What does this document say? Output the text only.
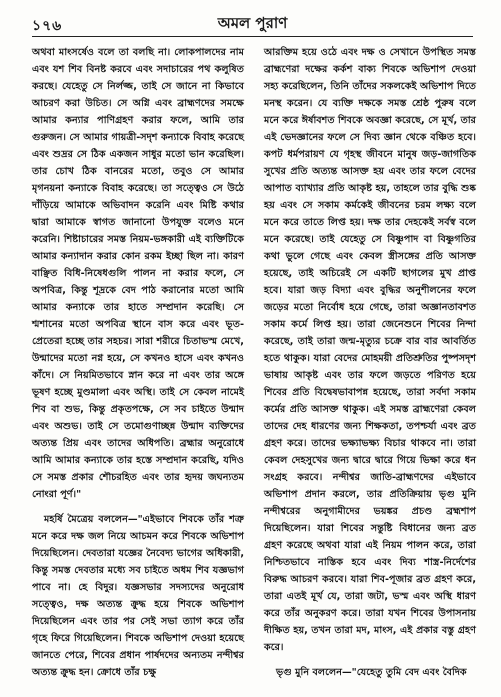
১৭৬	অমল পুরাণ

অথবা মাংসর্ষেও বলে তা বলছি না। লোকপালদের নাম এবং যশ শিব বিনষ্ট করবে এবং সদাচারের পথ কলুষিত করছে। যেহেতু সে নির্লজ্জ, তাই সে জানে না কিভাবে আচরণ করা উচিত। সে অগ্নি এবং ব্রাহ্মণদের সমক্ষে আমার কন্যার পাণিগ্রহণ করার ফলে, আমি তার গুরুজন। সে আমার গায়ত্রী-সদৃশ কন্যাকে বিবাহ করেছে এবং শুদ্রর সে ঠিক একজন সাধুর মতো ভান করেছিল। তার চোখ ঠিক বানরের মতো, তবুও সে আমার মৃগনয়না কন্যাকে বিবাহ করেছে। তা সত্ত্বেও সে উঠে দাঁড়িয়ে আমাকে অভিবাদন করেনি এবং মিষ্টি কথার দ্বারা আমাকে স্বাগত জানানো উপযুক্ত বলেও মনে করেনি। শিষ্টাচারের সমস্ত নিয়ম-ভঙ্গকারী এই ব্যক্তিটিকে আমার কন্যাদান করার কোন রকম ইচ্ছা ছিল না। কারণ বাঞ্ছিত বিধি-নিষেধগুলি পালন না করার ফলে, সে অপবিত্র, কিন্তু শূদ্রকে বেদ পাঠ করানোর মতো আমি আমার কন্যাকে তার হাতে সম্প্রদান করেছি। সে শ্মশানের মতো অপবিত্র স্থানে বাস করে এবং ভূত-প্রেতেরা হচ্ছে তার সহচর। সারা শরীরে চিতাভস্ম মেখে, উন্মাদের মতো নগ্ন হয়ে, সে কখনও হাসে এবং কখনও কাঁদে। সে নিয়মিতভাবে স্নান করে না এবং তার অঙ্গে ভূষণ হচ্ছে মুণ্ডমালা এবং অস্থি। তাই সে কেবল নামেই শিব বা শুভ, কিন্তু প্রকৃতপক্ষে, সে সব চাইতে উন্মাদ এবং অশুভ। তাই সে তমোগুণাচ্ছন্ন উন্মাদ ব্যক্তিদের অত্যন্ত প্রিয় এবং তাদের অধিপতি। ব্রহ্মার অনুরোধে আমি আমার কন্যাকে তার হস্তে সম্প্রদান করেছি, যদিও সে সমস্ত প্রকার শৌচরহিত এবং তার হৃদয় জঘন্যতম নোংরা পূর্ণ।"

মহর্ষি মৈত্রেয় বললেন—"এইভাবে শিবকে তাঁর শত্রু মনে করে দক্ষ জল নিয়ে আচমন করে শিবকে অভিশাপ দিয়েছিলেন। দেবতারা যজ্ঞের নৈবেদ্য ভাগের অধিকারী, কিন্তু সমস্ত দেবতার মধ্যে সব চাইতে অধম শিব যজ্ঞভাগ পাবে না। হে বিদুর। যজ্ঞসভার সদস্যদের অনুরোধ সত্ত্বেও, দক্ষ অত্যন্ত ক্রুদ্ধ হয়ে শিবকে অভিশাপ দিয়েছিলেন এবং তার পর সেই সভা ত্যাগ করে তাঁর গৃহে ফিরে গিয়েছিলেন। শিবকে অভিশাপ দেওয়া হয়েছে জানতে পেরে, শিবের প্রধান পার্ষদদের অন্যতম নন্দীশ্বর অত্যন্ত ক্রুদ্ধ হন। ক্রোধে তাঁর চক্ষু

আরক্তিম হয়ে ওঠে এবং দক্ষ ও সেখানে উপস্থিত সমস্ত ব্রাহ্মণেরা দক্ষের কর্কশ বাক্য শিবকে অভিশাপ দেওয়া সহ্য করেছিলেন, তিনি তাঁদের সকলকেই অভিশাপ দিতে মনস্থ করেন। যে ব্যক্তি দক্ষকে সমস্ত শ্রেষ্ঠ পুরুষ বলে মনে করে ঈর্ষাবশত শিবকে অবজ্ঞা করেছে, সে মূর্খ, তার এই ভেদজ্ঞানের ফলে সে দিব্য জ্ঞান থেকে বঞ্চিত হবে। কপট ধর্মপরায়ণ যে গৃহস্থ জীবনে মানুষ জড়-জাগতিক সুখের প্রতি অত্যন্ত আসক্ত হয় এবং তার ফলে বেদের আপাত ব্যাখ্যার প্রতি আকৃষ্ট হয়, তাহলে তার বুদ্ধি শুষ্ক হয় এবং সে সকাম কর্মকেই জীবনের চরম লক্ষ্য বলে মনে করে তাতে লিপ্ত হয়। দক্ষ তার দেহকেই সর্বস্ব বলে মনে করেছে। তাই যেহেতু সে বিষ্ণুপাদ বা বিষ্ণুগতির কথা ভুলে গেছে এবং কেবল স্ত্রীসঙ্গের প্রতি আসক্ত হয়েছে, তাই অচিরেই সে একটি ছাগলের মুখ প্রাপ্ত হবে। যারা জড় বিদ্যা এবং বুদ্ধির অনুশীলনের ফলে জড়ের মতো নির্বোধ হয়ে গেছে, তারা অজ্ঞানতাবশত সকাম কর্মে লিপ্ত হয়। তারা জেনেশুনে শিবের নিন্দা করেছে, তাই তারা জন্ম-মৃত্যুর চক্রে বার বার আবর্তিত হতে থাকুক। যারা বেদের মোহময়ী প্রতিশ্রুতির পুষ্পসদৃশ ভাষায় আকৃষ্ট এবং তার ফলে জড়তে পরিণত হয়ে শিবের প্রতি বিদ্বেষভাবাপন্ন হয়েছে, তারা সর্বদা সকাম কর্মের প্রতি আসক্ত থাকুক। এই সমস্ত ব্রাহ্মণেরা কেবল তাদের দেহ ধারণের জন্য শিক্ষকতা, তপশ্চর্যা এবং ব্রত গ্রহণ করে। তাদের ভক্ষ্যাভক্ষ্য বিচার থাকবে না। তারা কেবল দেহসুখের জন্য দ্বারে দ্বারে গিয়ে ভিক্ষা করে ধন সংগ্রহ করবে। নন্দীশ্বর জাতি-ব্রাহ্মণদের এইভাবে অভিশাপ প্রদান করলে, তার প্রতিক্রিয়ায় ভৃগু মুনি নন্দীশ্বরের অনুগামীদের ভয়ঙ্কর প্রচণ্ড ব্রহ্মশাপ দিয়েছিলেন। যারা শিবের সন্তুষ্টি বিধানের জন্য ব্রত গ্রহণ করেছে অথবা যারা এই নিয়ম পালন করে, তারা নিশ্চিতভাবে নাস্তিক হবে এবং দিব্য শাস্ত্র-নির্দেশের বিরুদ্ধ আচরণ করবে। যারা শিব-পূজার ব্রত গ্রহণ করে, তারা এতই মূর্খ যে, তারা জটা, ভস্ম এবং অস্থি ধারণ করে তাঁর অনুকরণ করে। তারা যখন শিবের উপাসনায় দীক্ষিত হয়, তখন তারা মদ, মাংস, এই প্রকার বস্তু গ্রহণ করে।

ভৃগু মুনি বললেন—"যেহেতু তুমি বেদ এবং বৈদিক
